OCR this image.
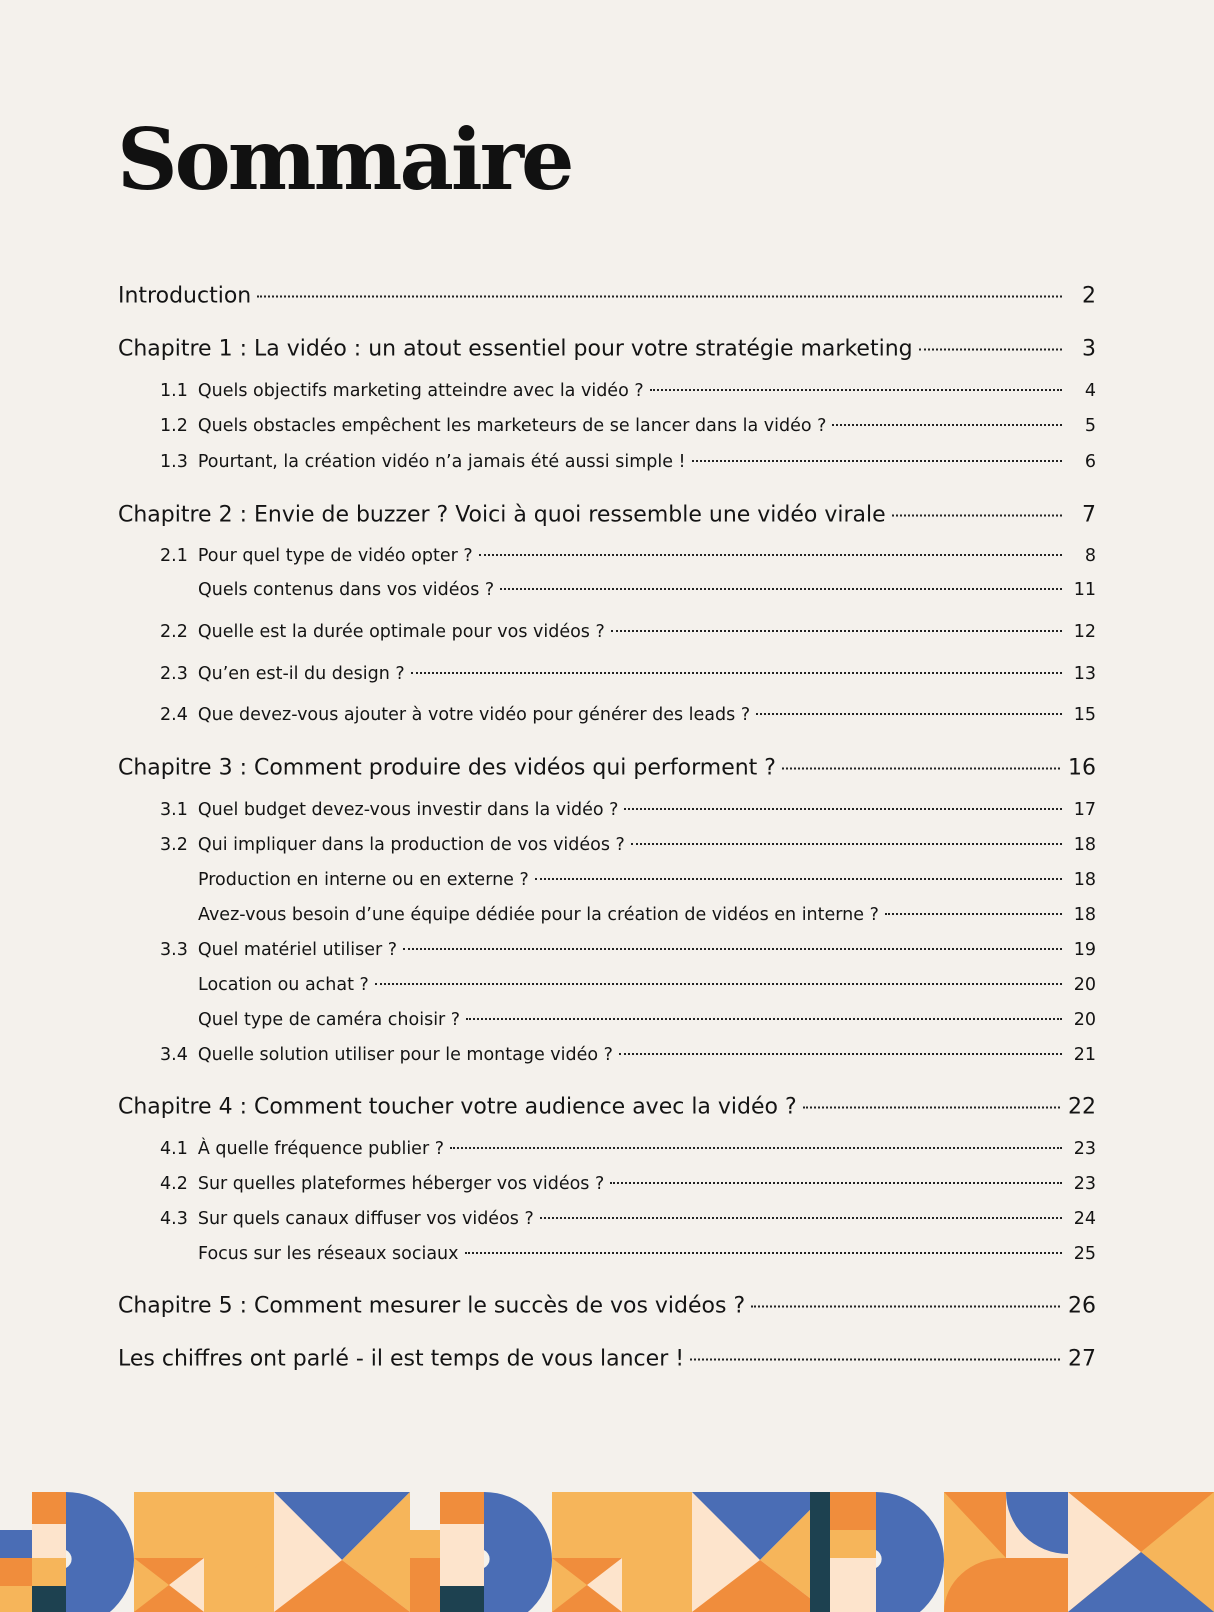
Sommaire
Introduction	2
Chapitre 1 : La vidéo : un atout essentiel pour votre stratégie marketing	3
1.1 Quels objectifs marketing atteindre avec la vidéo ?	4
1.2 Quels obstacles empêchent les marketeurs de se lancer dans la vidéo ?	5
1.3 Pourtant, la création vidéo n’a jamais été aussi simple !	6
Chapitre 2 : Envie de buzzer ? Voici à quoi ressemble une vidéo virale	7
2.1 Pour quel type de vidéo opter ?	8
Quels contenus dans vos vidéos ?	11
2.2 Quelle est la durée optimale pour vos vidéos ?	12
2.3 Qu’en est-il du design ?	13
2.4 Que devez-vous ajouter à votre vidéo pour générer des leads ?	15
Chapitre 3 : Comment produire des vidéos qui performent ?	16
3.1 Quel budget devez-vous investir dans la vidéo ?	17
3.2 Qui impliquer dans la production de vos vidéos ?	18
Production en interne ou en externe ?	18
Avez-vous besoin d’une équipe dédiée pour la création de vidéos en interne ?	18
3.3 Quel matériel utiliser ?	19
Location ou achat ?	20
Quel type de caméra choisir ?	20
3.4 Quelle solution utiliser pour le montage vidéo ?	21
Chapitre 4 : Comment toucher votre audience avec la vidéo ?	22
4.1 À quelle fréquence publier ?	23
4.2 Sur quelles plateformes héberger vos vidéos ?	23
4.3 Sur quels canaux diffuser vos vidéos ?	24
Focus sur les réseaux sociaux	25
Chapitre 5 : Comment mesurer le succès de vos vidéos ?	26
Les chiffres ont parlé - il est temps de vous lancer !	27
